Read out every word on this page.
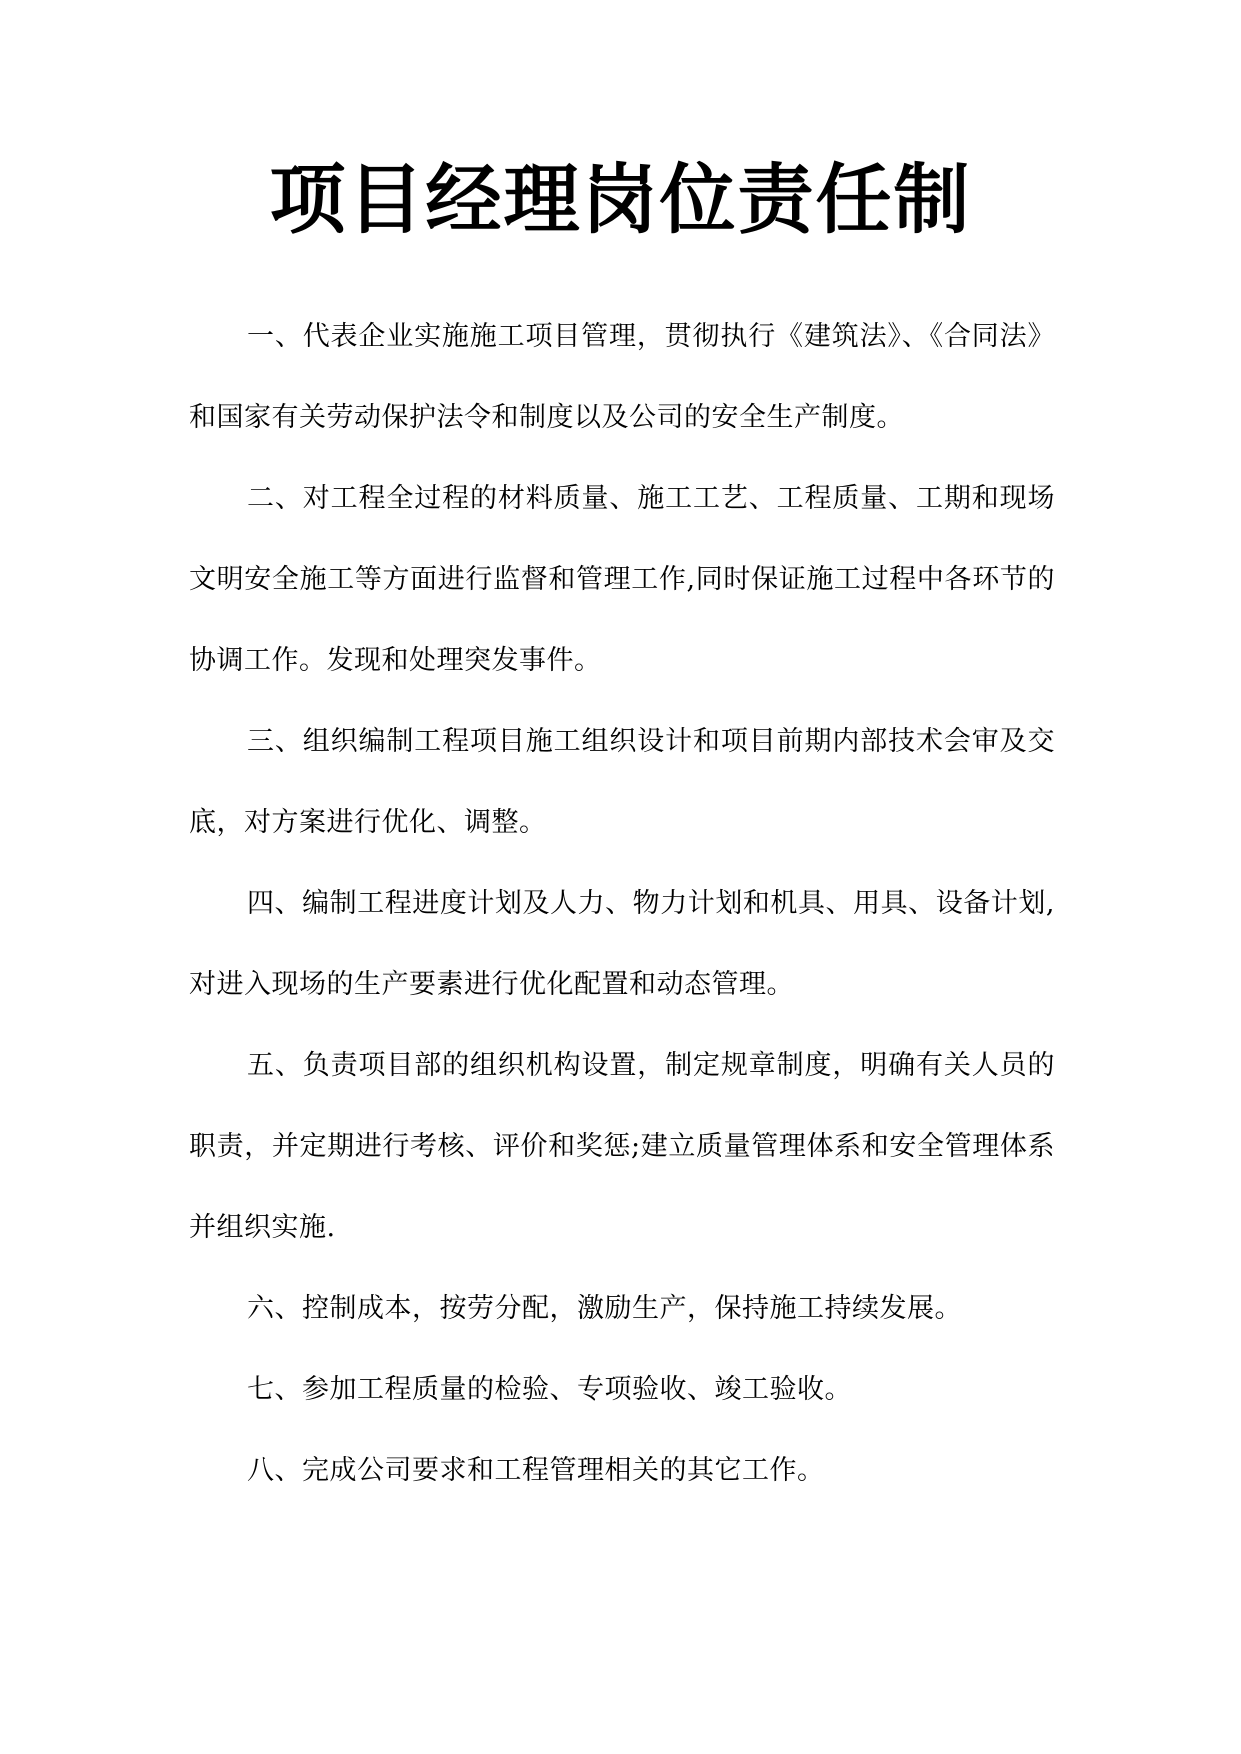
项目经理岗位责任制

一、代表企业实施施工项目管理，贯彻执行《建筑法》、《合同法》和国家有关劳动保护法令和制度以及公司的安全生产制度。

二、对工程全过程的材料质量、施工工艺、工程质量、工期和现场文明安全施工等方面进行监督和管理工作,同时保证施工过程中各环节的协调工作。发现和处理突发事件。

三、组织编制工程项目施工组织设计和项目前期内部技术会审及交底，对方案进行优化、调整。

四、编制工程进度计划及人力、物力计划和机具、用具、设备计划,对进入现场的生产要素进行优化配置和动态管理。

五、负责项目部的组织机构设置，制定规章制度，明确有关人员的职责，并定期进行考核、评价和奖惩;建立质量管理体系和安全管理体系并组织实施.

六、控制成本，按劳分配，激励生产，保持施工持续发展。

七、参加工程质量的检验、专项验收、竣工验收。

八、完成公司要求和工程管理相关的其它工作。
